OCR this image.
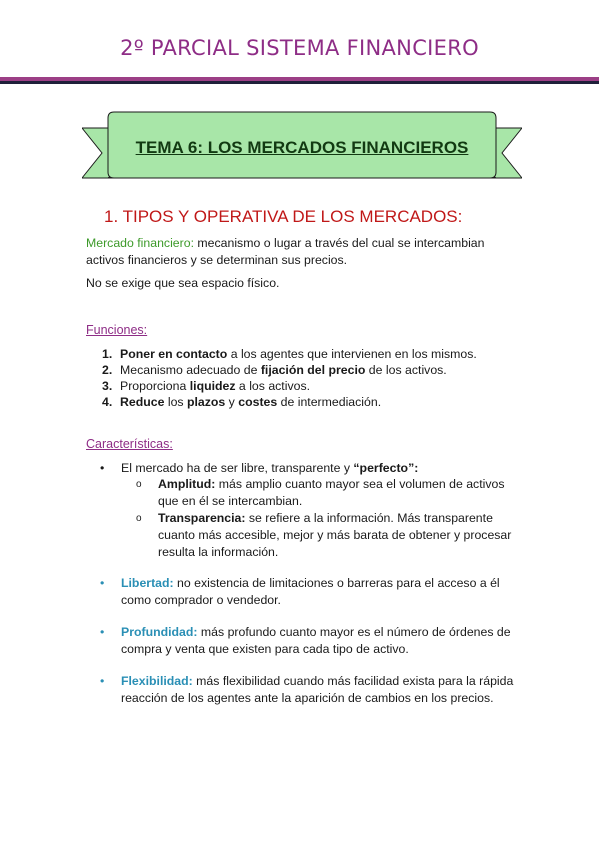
2º PARCIAL SISTEMA FINANCIERO
TEMA 6: LOS MERCADOS FINANCIEROS
1. TIPOS Y OPERATIVA DE LOS MERCADOS:

Mercado financiero: mecanismo o lugar a través del cual se intercambian
activos financieros y se determinan sus precios.

No se exige que sea espacio físico.

Funciones:
1. Poner en contacto a los agentes que intervienen en los mismos.
2. Mecanismo adecuado de fijación del precio de los activos.
3. Proporciona liquidez a los activos.
4. Reduce los plazos y costes de intermediación.
Características:
•	El mercado ha de ser libre, transparente y “perfecto”:
o	Amplitud: más amplio cuanto mayor sea el volumen de activos
que en él se intercambian.
o	Transparencia: se refiere a la información. Más transparente
cuanto más accesible, mejor y más barata de obtener y procesar
resulta la información.
•	Libertad: no existencia de limitaciones o barreras para el acceso a él
como comprador o vendedor.
•	Profundidad: más profundo cuanto mayor es el número de órdenes de
compra y venta que existen para cada tipo de activo.
•	Flexibilidad: más flexibilidad cuando más facilidad exista para la rápida
reacción de los agentes ante la aparición de cambios en los precios.
